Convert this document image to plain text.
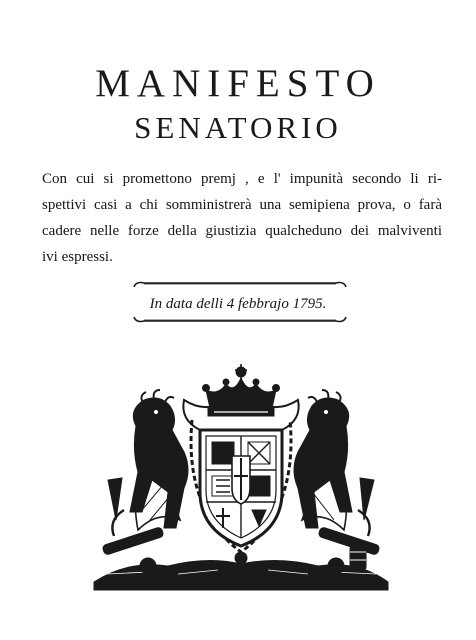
MANIFESTO
SENATORIO
Con cui si promettono premj , e l' impunità secondo li ri-
spettivi casi a chi somministrerà una semipiena prova, o farà
cadere nelle forze della giustizia qualcheduno dei malviventi
ivi espressi.
In data delli 4 febbrajo 1795.
